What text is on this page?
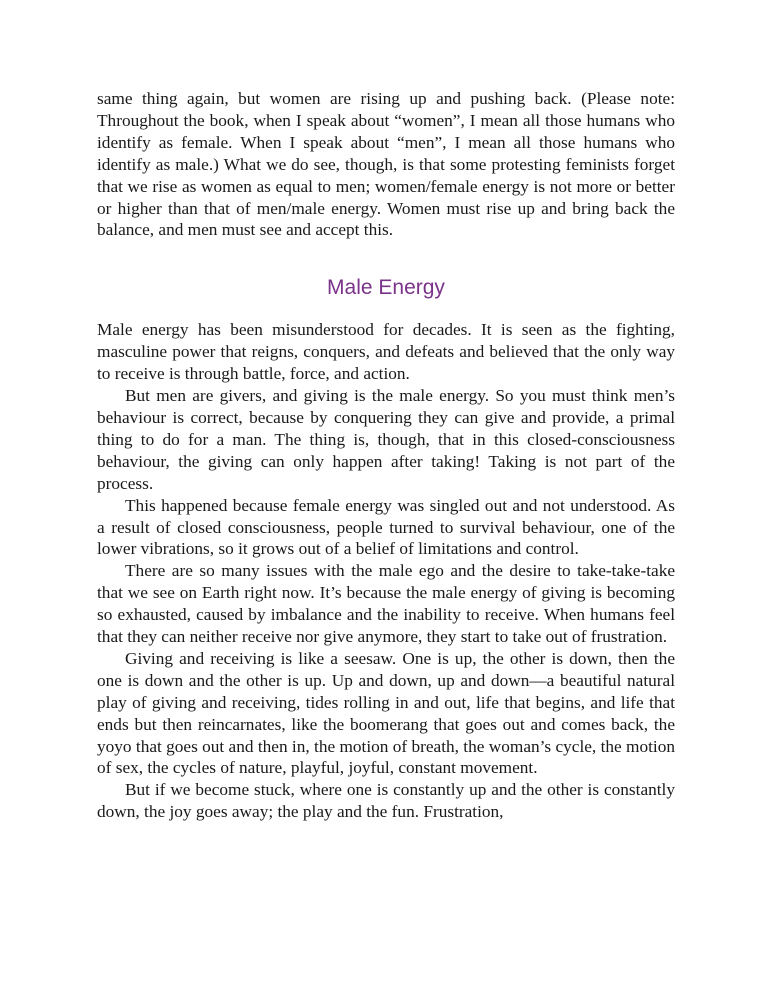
same thing again, but women are rising up and pushing back. (Please note: Throughout the book, when I speak about “women”, I mean all those humans who identify as female. When I speak about “men”, I mean all those humans who identify as male.) What we do see, though, is that some protesting feminists forget that we rise as women as equal to men; women/female energy is not more or better or higher than that of men/male energy. Women must rise up and bring back the balance, and men must see and accept this.

Male Energy

Male energy has been misunderstood for decades. It is seen as the fighting, masculine power that reigns, conquers, and defeats and believed that the only way to receive is through battle, force, and action.

But men are givers, and giving is the male energy. So you must think men’s behaviour is correct, because by conquering they can give and provide, a primal thing to do for a man. The thing is, though, that in this closed-consciousness behaviour, the giving can only happen after taking! Taking is not part of the process.

This happened because female energy was singled out and not understood. As a result of closed consciousness, people turned to survival behaviour, one of the lower vibrations, so it grows out of a belief of limitations and control.

There are so many issues with the male ego and the desire to take-take-take that we see on Earth right now. It’s because the male energy of giving is becoming so exhausted, caused by imbalance and the inability to receive. When humans feel that they can neither receive nor give anymore, they start to take out of frustration.

Giving and receiving is like a seesaw. One is up, the other is down, then the one is down and the other is up. Up and down, up and down—a beautiful natural play of giving and receiving, tides rolling in and out, life that begins, and life that ends but then reincarnates, like the boomerang that goes out and comes back, the yoyo that goes out and then in, the motion of breath, the woman’s cycle, the motion of sex, the cycles of nature, playful, joyful, constant movement.

But if we become stuck, where one is constantly up and the other is constantly down, the joy goes away; the play and the fun. Frustration,
